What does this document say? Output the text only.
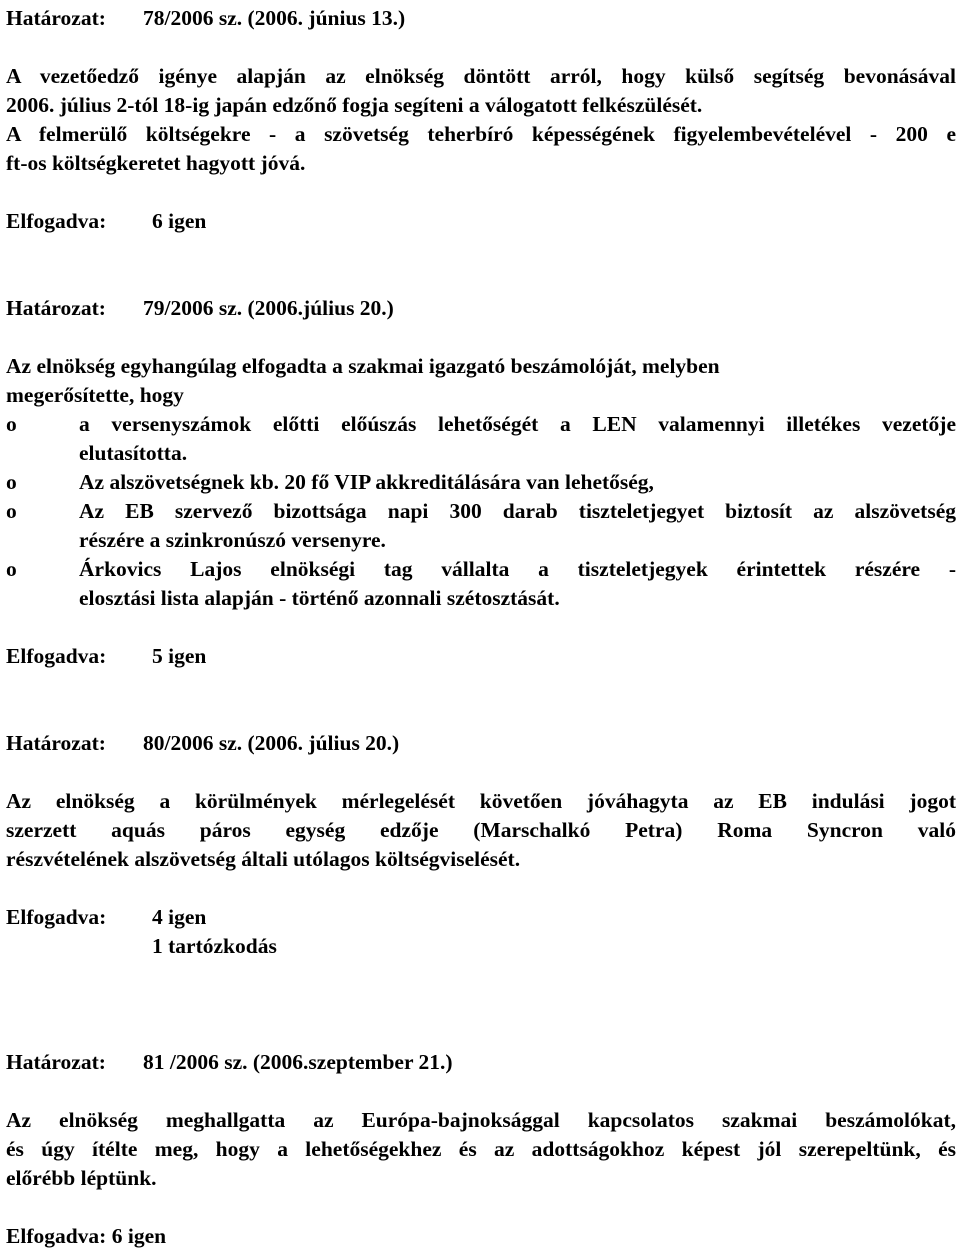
Határozat: 78/2006 sz. (2006. június 13.)
A vezetőedző igénye alapján az elnökség döntött arról, hogy külső segítség bevonásával
2006. július 2-tól 18-ig japán edzőnő fogja segíteni a válogatott felkészülését.
A felmerülő költségekre - a szövetség teherbíró képességének figyelembevételével - 200 e
ft-os költségkeretet hagyott jóvá.
Elfogadva: 6 igen
Határozat: 79/2006 sz. (2006.július 20.)
Az elnökség egyhangúlag elfogadta a szakmai igazgató beszámolóját, melyben
megerősítette, hogy
o	a versenyszámok előtti előúszás lehetőségét a LEN valamennyi illetékes vezetője
elutasította.
o	Az alszövetségnek kb. 20 fő VIP akkreditálására van lehetőség,
o	Az EB szervező bizottsága napi 300 darab tiszteletjegyet biztosít az alszövetség
részére a szinkronúszó versenyre.
o	Árkovics Lajos elnökségi tag vállalta a tiszteletjegyek érintettek részére -
elosztási lista alapján - történő azonnali szétosztását.
Elfogadva: 5 igen
Határozat: 80/2006 sz. (2006. július 20.)
Az elnökség a körülmények mérlegelését követően jóváhagyta az EB indulási jogot
szerzett aquás páros egység edzője (Marschalkó Petra) Roma Syncron való
részvételének alszövetség általi utólagos költségviselését.
Elfogadva:	4 igen
1 tartózkodás
Határozat: 81 /2006 sz. (2006.szeptember 21.)
Az elnökség meghallgatta az Európa-bajnoksággal kapcsolatos szakmai beszámolókat,
és úgy ítélte meg, hogy a lehetőségekhez és az adottságokhoz képest jól szerepeltünk, és
előrébb léptünk.
Elfogadva: 6 igen
